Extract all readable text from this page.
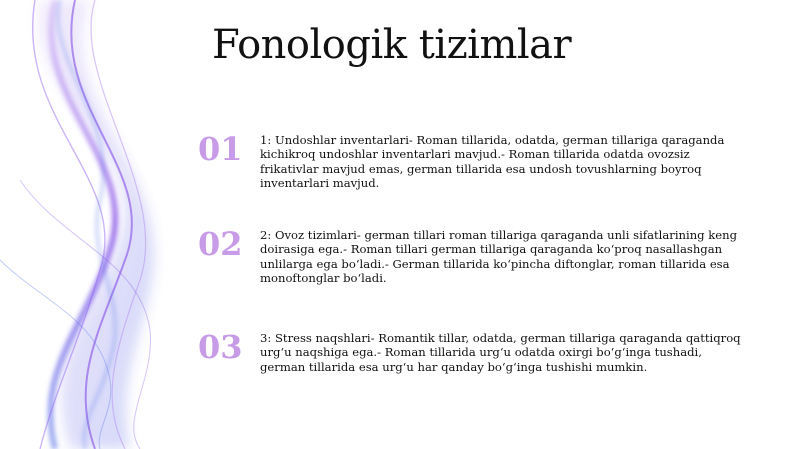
Fonologik tizimlar
01 1: Undoshlar inventarlari- Roman tillarida, odatda, german tillariga qaraganda kichikroq undoshlar inventarlari mavjud.- Roman tillarida odatda ovozsiz frikativlar mavjud emas, german tillarida esa undosh tovushlarning boyroq inventarlari mavjud.
02 2: Ovoz tizimlari- german tillari roman tillariga qaraganda unli sifatlarining keng doirasiga ega.- Roman tillari german tillariga qaraganda ko‘proq nasallashgan unlilarga ega bo‘ladi.- German tillarida ko‘pincha diftonglar, roman tillarida esa monoftonglar bo‘ladi.
03 3: Stress naqshlari- Romantik tillar, odatda, german tillariga qaraganda qattiqroq urg‘u naqshiga ega.- Roman tillarida urg‘u odatda oxirgi bo‘g‘inga tushadi, german tillarida esa urg‘u har qanday bo‘g‘inga tushishi mumkin.
